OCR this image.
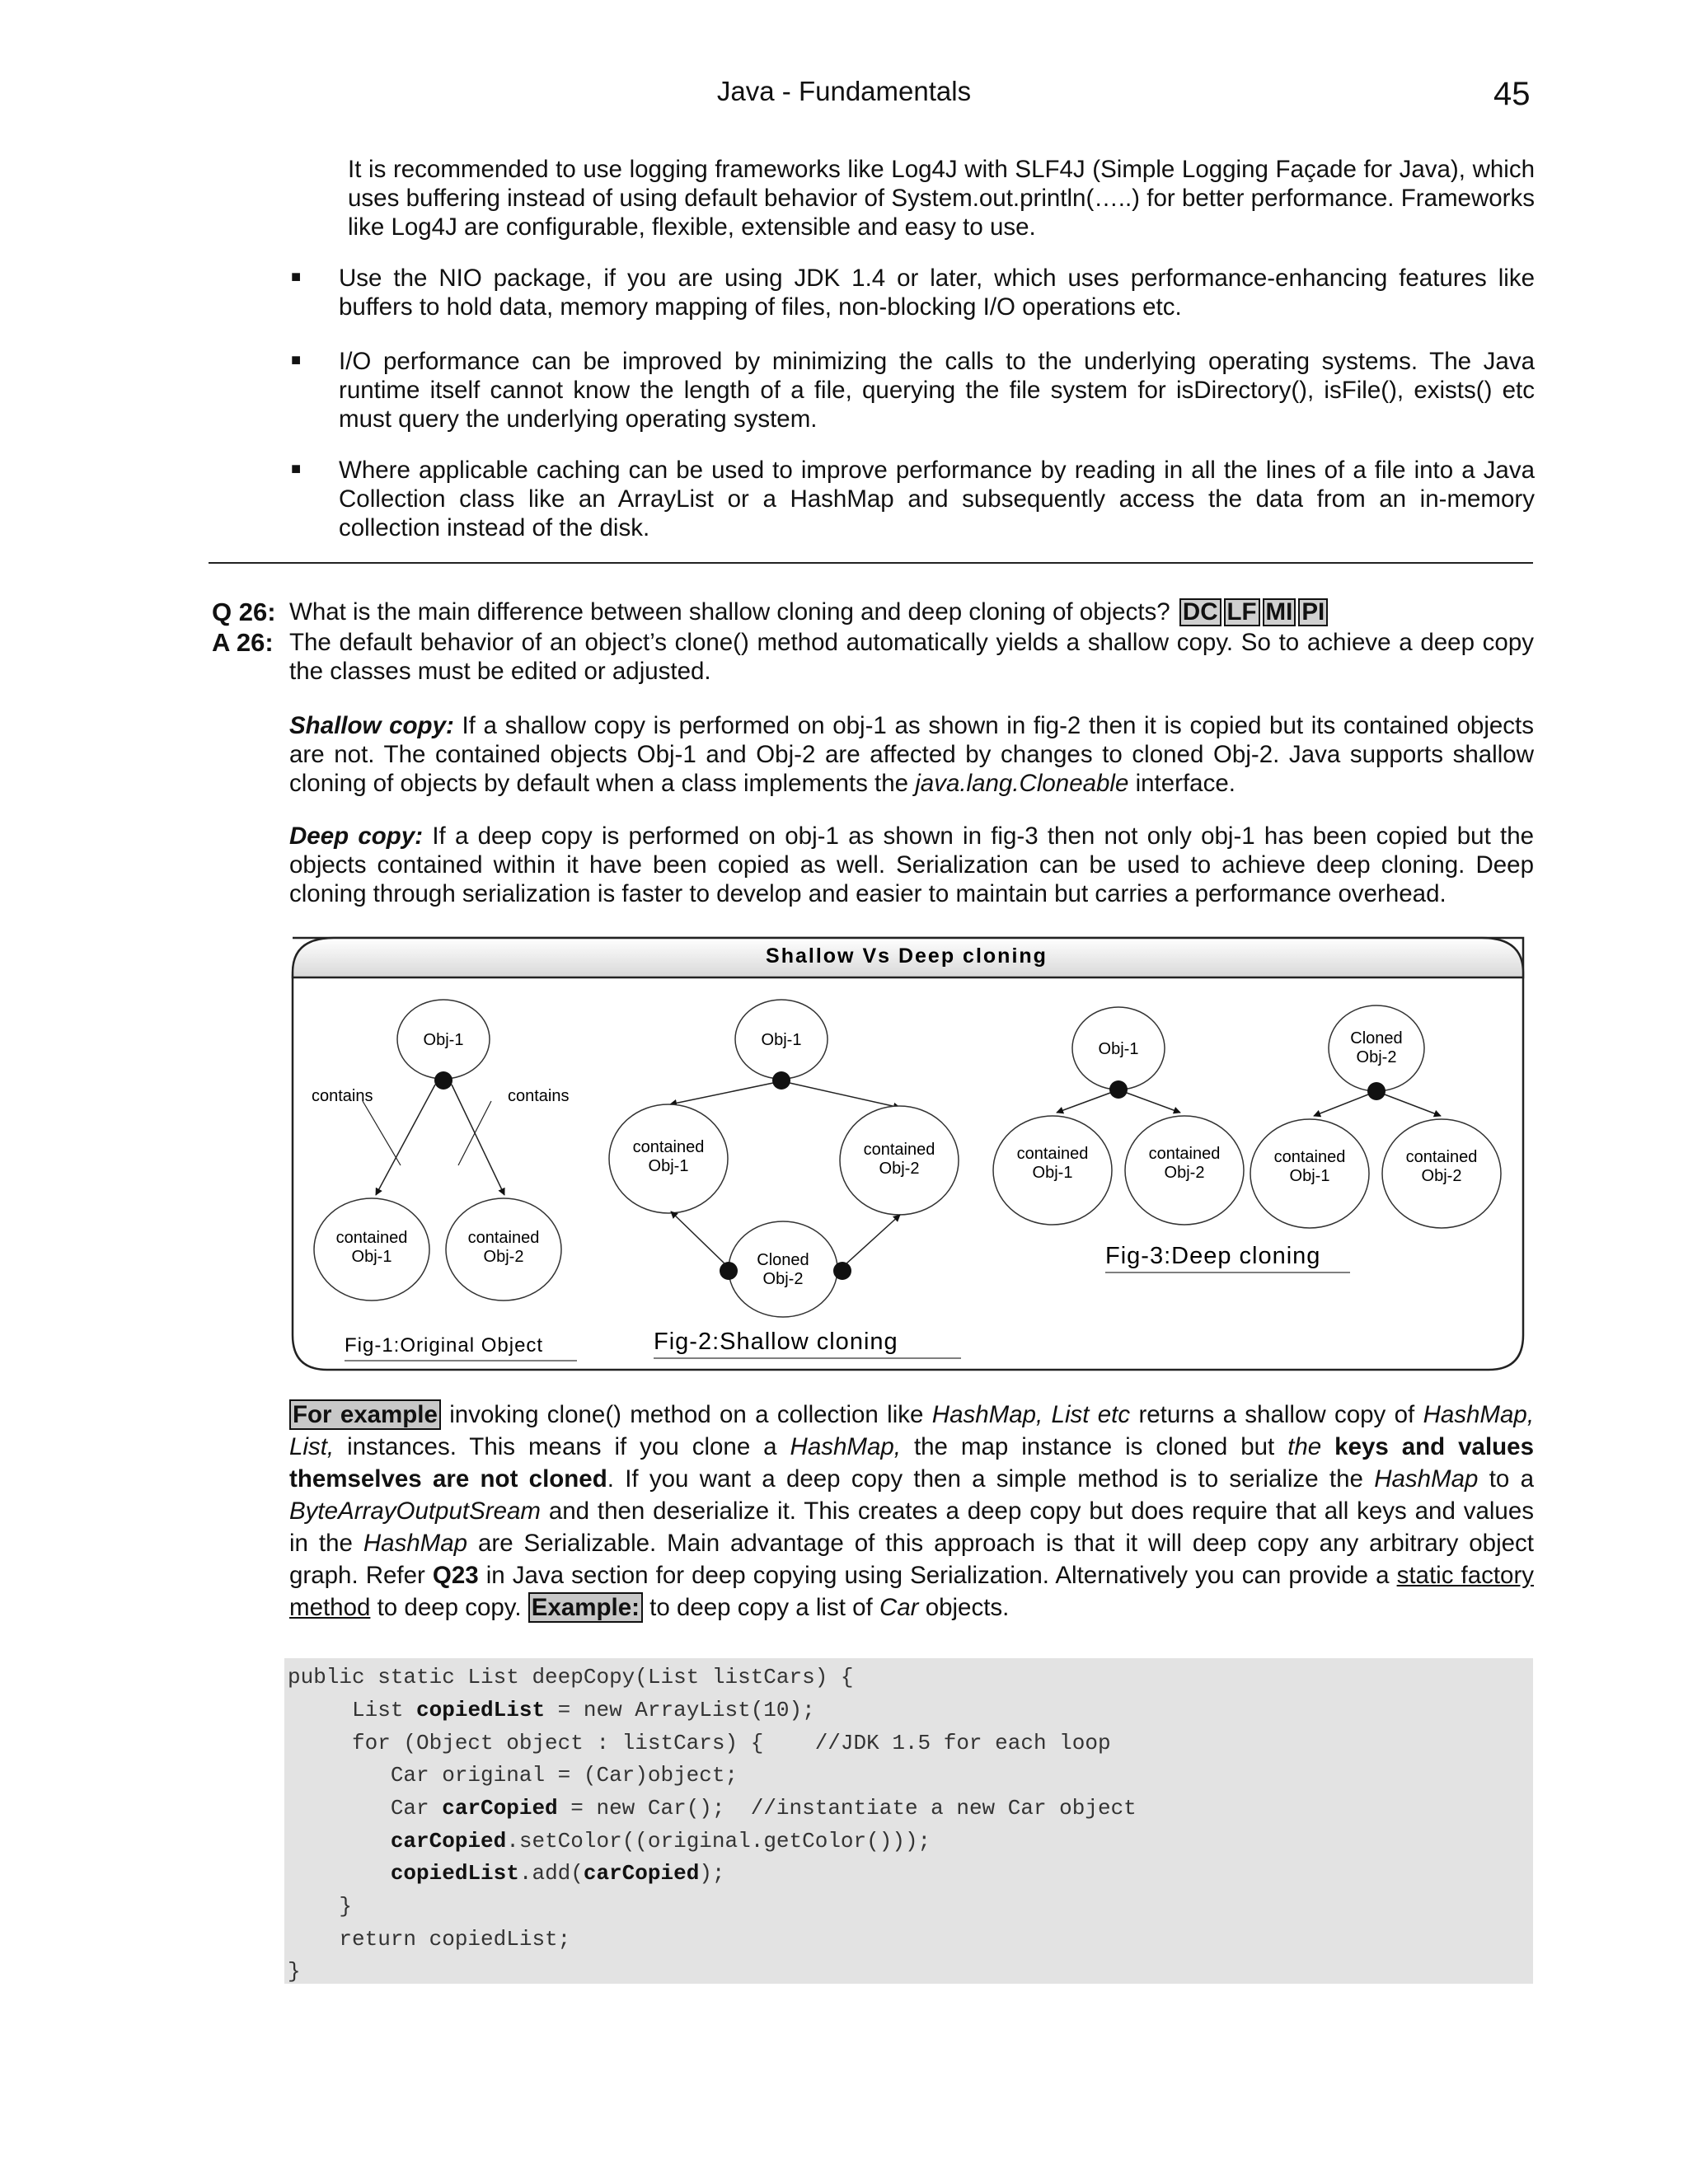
Java - Fundamentals	45
It is recommended to use logging frameworks like Log4J with SLF4J (Simple Logging Façade for Java), which uses buffering instead of using default behavior of System.out.println(…..) for better performance. Frameworks like Log4J are configurable, flexible, extensible and easy to use.
■ Use the NIO package, if you are using JDK 1.4 or later, which uses performance-enhancing features like buffers to hold data, memory mapping of files, non-blocking I/O operations etc.
■ I/O performance can be improved by minimizing the calls to the underlying operating systems. The Java runtime itself cannot know the length of a file, querying the file system for isDirectory(), isFile(), exists() etc must query the underlying operating system.
■ Where applicable caching can be used to improve performance by reading in all the lines of a file into a Java Collection class like an ArrayList or a HashMap and subsequently access the data from an in-memory collection instead of the disk.
Q 26: What is the main difference between shallow cloning and deep cloning of objects? DC LF MI PI
A 26: The default behavior of an object’s clone() method automatically yields a shallow copy. So to achieve a deep copy the classes must be edited or adjusted.
Shallow copy: If a shallow copy is performed on obj-1 as shown in fig-2 then it is copied but its contained objects are not. The contained objects Obj-1 and Obj-2 are affected by changes to cloned Obj-2. Java supports shallow cloning of objects by default when a class implements the java.lang.Cloneable interface.
Deep copy: If a deep copy is performed on obj-1 as shown in fig-3 then not only obj-1 has been copied but the objects contained within it have been copied as well. Serialization can be used to achieve deep cloning. Deep cloning through serialization is faster to develop and easier to maintain but carries a performance overhead.
Shallow Vs Deep cloning
Obj-1
contains	contains
contained
Obj-1
contained
Obj-2
Fig-1:Original Object
Obj-1
contained
Obj-1
contained
Obj-2
Cloned
Obj-2
Fig-2:Shallow cloning
Obj-1
contained
Obj-1
contained
Obj-2
Cloned
Obj-2
contained
Obj-1
contained
Obj-2
Fig-3:Deep cloning
For example invoking clone() method on a collection like HashMap, List etc returns a shallow copy of HashMap, List, instances. This means if you clone a HashMap, the map instance is cloned but the keys and values themselves are not cloned. If you want a deep copy then a simple method is to serialize the HashMap to a ByteArrayOutputSream and then deserialize it. This creates a deep copy but does require that all keys and values in the HashMap are Serializable. Main advantage of this approach is that it will deep copy any arbitrary object graph. Refer Q23 in Java section for deep copying using Serialization. Alternatively you can provide a static factory method to deep copy. Example: to deep copy a list of Car objects.
public static List deepCopy(List listCars) {
List copiedList = new ArrayList(10);
for (Object object : listCars) {    //JDK 1.5 for each loop
Car original = (Car)object;
Car carCopied = new Car();  //instantiate a new Car object
carCopied.setColor((original.getColor()));
copiedList.add(carCopied);
}
return copiedList;
}
